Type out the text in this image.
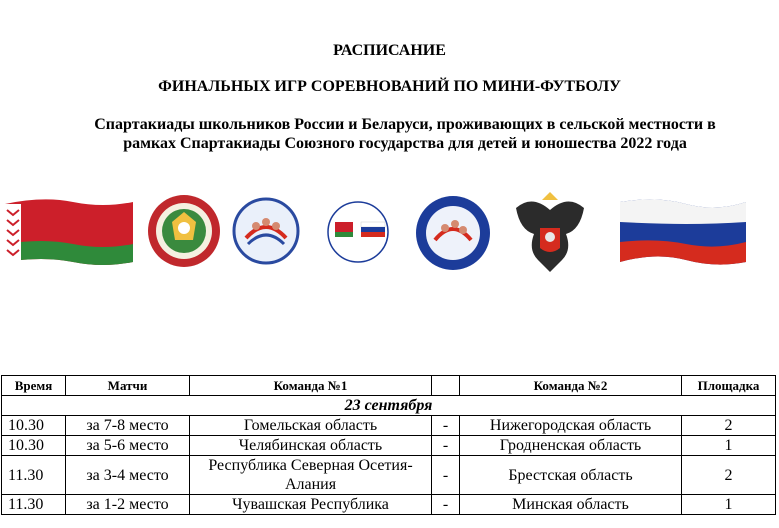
РАСПИСАНИЕ
ФИНАЛЬНЫХ ИГР СОРЕВНОВАНИЙ ПО МИНИ-ФУТБОЛУ
Спартакиады школьников России и Беларуси, проживающих в сельской местности в рамках Спартакиады Союзного государства для детей и юношества 2022 года
Время	Матчи	Команда №1		Команда №2	Площадка
23 сентября					
10.30	за 7-8 место	Гомельская область	-	Нижегородская область	2
10.30	за 5-6 место	Челябинская область	-	Гродненская область	1
11.30	за 3-4 место	Республика Северная Осетия-Алания	-	Брестская область	2
11.30	за 1-2 место	Чувашская Республика	-	Минская область	1
